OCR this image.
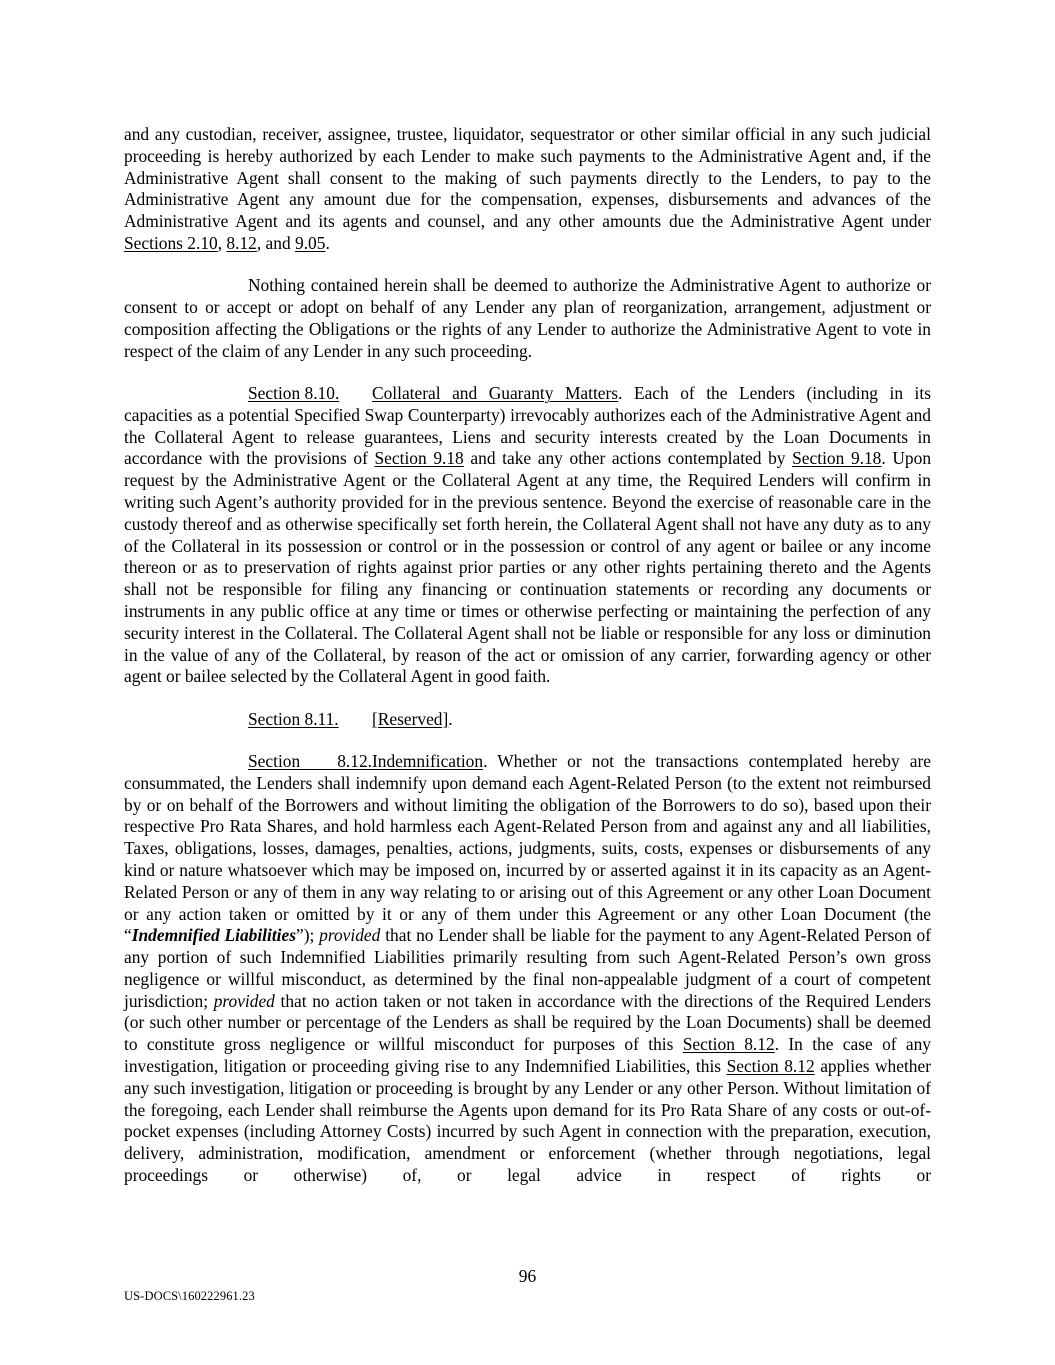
and any custodian, receiver, assignee, trustee, liquidator, sequestrator or other similar official in any such judicial proceeding is hereby authorized by each Lender to make such payments to the Administrative Agent and, if the Administrative Agent shall consent to the making of such payments directly to the Lenders, to pay to the Administrative Agent any amount due for the compensation, expenses, disbursements and advances of the Administrative Agent and its agents and counsel, and any other amounts due the Administrative Agent under Sections 2.10, 8.12, and 9.05.

Nothing contained herein shall be deemed to authorize the Administrative Agent to authorize or consent to or accept or adopt on behalf of any Lender any plan of reorganization, arrangement, adjustment or composition affecting the Obligations or the rights of any Lender to authorize the Administrative Agent to vote in respect of the claim of any Lender in any such proceeding.

Section 8.10. Collateral and Guaranty Matters. Each of the Lenders (including in its capacities as a potential Specified Swap Counterparty) irrevocably authorizes each of the Administrative Agent and the Collateral Agent to release guarantees, Liens and security interests created by the Loan Documents in accordance with the provisions of Section 9.18 and take any other actions contemplated by Section 9.18. Upon request by the Administrative Agent or the Collateral Agent at any time, the Required Lenders will confirm in writing such Agent’s authority provided for in the previous sentence. Beyond the exercise of reasonable care in the custody thereof and as otherwise specifically set forth herein, the Collateral Agent shall not have any duty as to any of the Collateral in its possession or control or in the possession or control of any agent or bailee or any income thereon or as to preservation of rights against prior parties or any other rights pertaining thereto and the Agents shall not be responsible for filing any financing or continuation statements or recording any documents or instruments in any public office at any time or times or otherwise perfecting or maintaining the perfection of any security interest in the Collateral. The Collateral Agent shall not be liable or responsible for any loss or diminution in the value of any of the Collateral, by reason of the act or omission of any carrier, forwarding agency or other agent or bailee selected by the Collateral Agent in good faith.

Section 8.11. [Reserved].

Section 8.12.Indemnification. Whether or not the transactions contemplated hereby are consummated, the Lenders shall indemnify upon demand each Agent-Related Person (to the extent not reimbursed by or on behalf of the Borrowers and without limiting the obligation of the Borrowers to do so), based upon their respective Pro Rata Shares, and hold harmless each Agent-Related Person from and against any and all liabilities, Taxes, obligations, losses, damages, penalties, actions, judgments, suits, costs, expenses or disbursements of any kind or nature whatsoever which may be imposed on, incurred by or asserted against it in its capacity as an Agent-Related Person or any of them in any way relating to or arising out of this Agreement or any other Loan Document or any action taken or omitted by it or any of them under this Agreement or any other Loan Document (the “Indemnified Liabilities”); provided that no Lender shall be liable for the payment to any Agent-Related Person of any portion of such Indemnified Liabilities primarily resulting from such Agent-Related Person’s own gross negligence or willful misconduct, as determined by the final non-appealable judgment of a court of competent jurisdiction; provided that no action taken or not taken in accordance with the directions of the Required Lenders (or such other number or percentage of the Lenders as shall be required by the Loan Documents) shall be deemed to constitute gross negligence or willful misconduct for purposes of this Section 8.12. In the case of any investigation, litigation or proceeding giving rise to any Indemnified Liabilities, this Section 8.12 applies whether any such investigation, litigation or proceeding is brought by any Lender or any other Person. Without limitation of the foregoing, each Lender shall reimburse the Agents upon demand for its Pro Rata Share of any costs or out-of-pocket expenses (including Attorney Costs) incurred by such Agent in connection with the preparation, execution, delivery, administration, modification, amendment or enforcement (whether through negotiations, legal proceedings or otherwise) of, or legal advice in respect of rights or

96
US-DOCS\160222961.23
